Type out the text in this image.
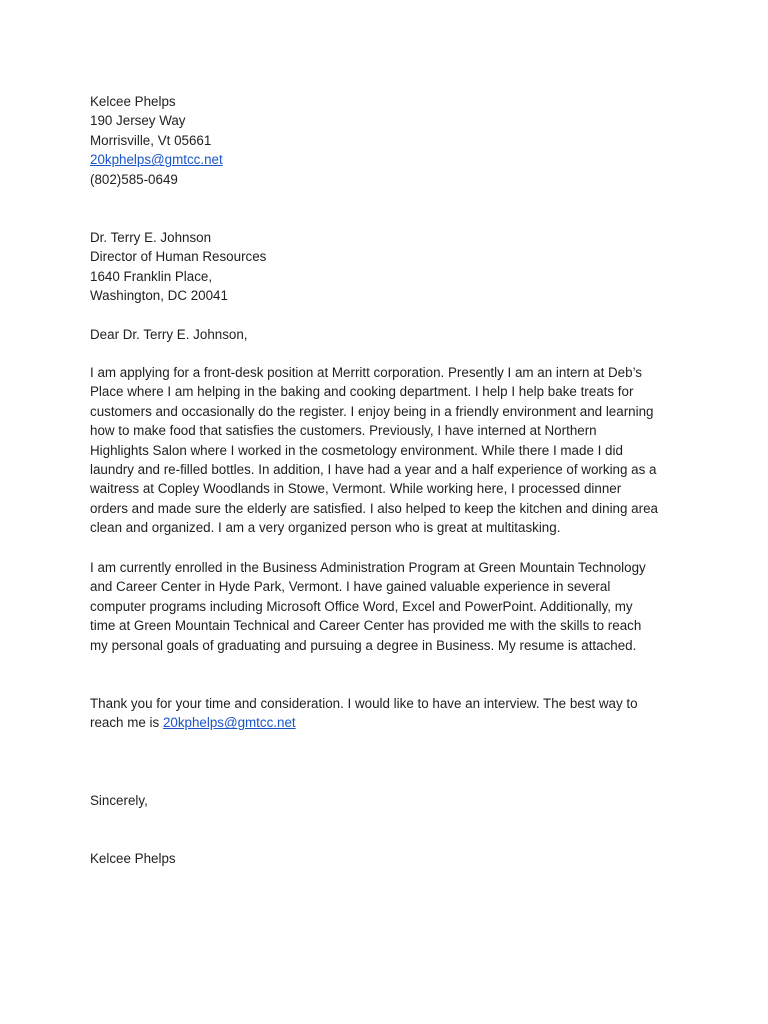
Kelcee Phelps
190 Jersey Way
Morrisville, Vt 05661
20kphelps@gmtcc.net
(802)585-0649
Dr. Terry E. Johnson
Director of Human Resources
1640 Franklin Place,
Washington, DC 20041
Dear Dr. Terry E. Johnson,
I am applying for a front-desk position at Merritt corporation. Presently I am an intern at Deb’s
Place where I am helping in the baking and cooking department. I help I help bake treats for
customers and occasionally do the register. I enjoy being in a friendly environment and learning
how to make food that satisfies the customers. Previously, I have interned at Northern
Highlights Salon where I worked in the cosmetology environment. While there I made I did
laundry and re-filled bottles. In addition, I have had a year and a half experience of working as a
waitress at Copley Woodlands in Stowe, Vermont. While working here, I processed dinner
orders and made sure the elderly are satisfied. I also helped to keep the kitchen and dining area
clean and organized. I am a very organized person who is great at multitasking.
I am currently enrolled in the Business Administration Program at Green Mountain Technology
and Career Center in Hyde Park, Vermont. I have gained valuable experience in several
computer programs including Microsoft Office Word, Excel and PowerPoint. Additionally, my
time at Green Mountain Technical and Career Center has provided me with the skills to reach
my personal goals of graduating and pursuing a degree in Business. My resume is attached.
Thank you for your time and consideration. I would like to have an interview. The best way to
reach me is 20kphelps@gmtcc.net
Sincerely,
Kelcee Phelps
